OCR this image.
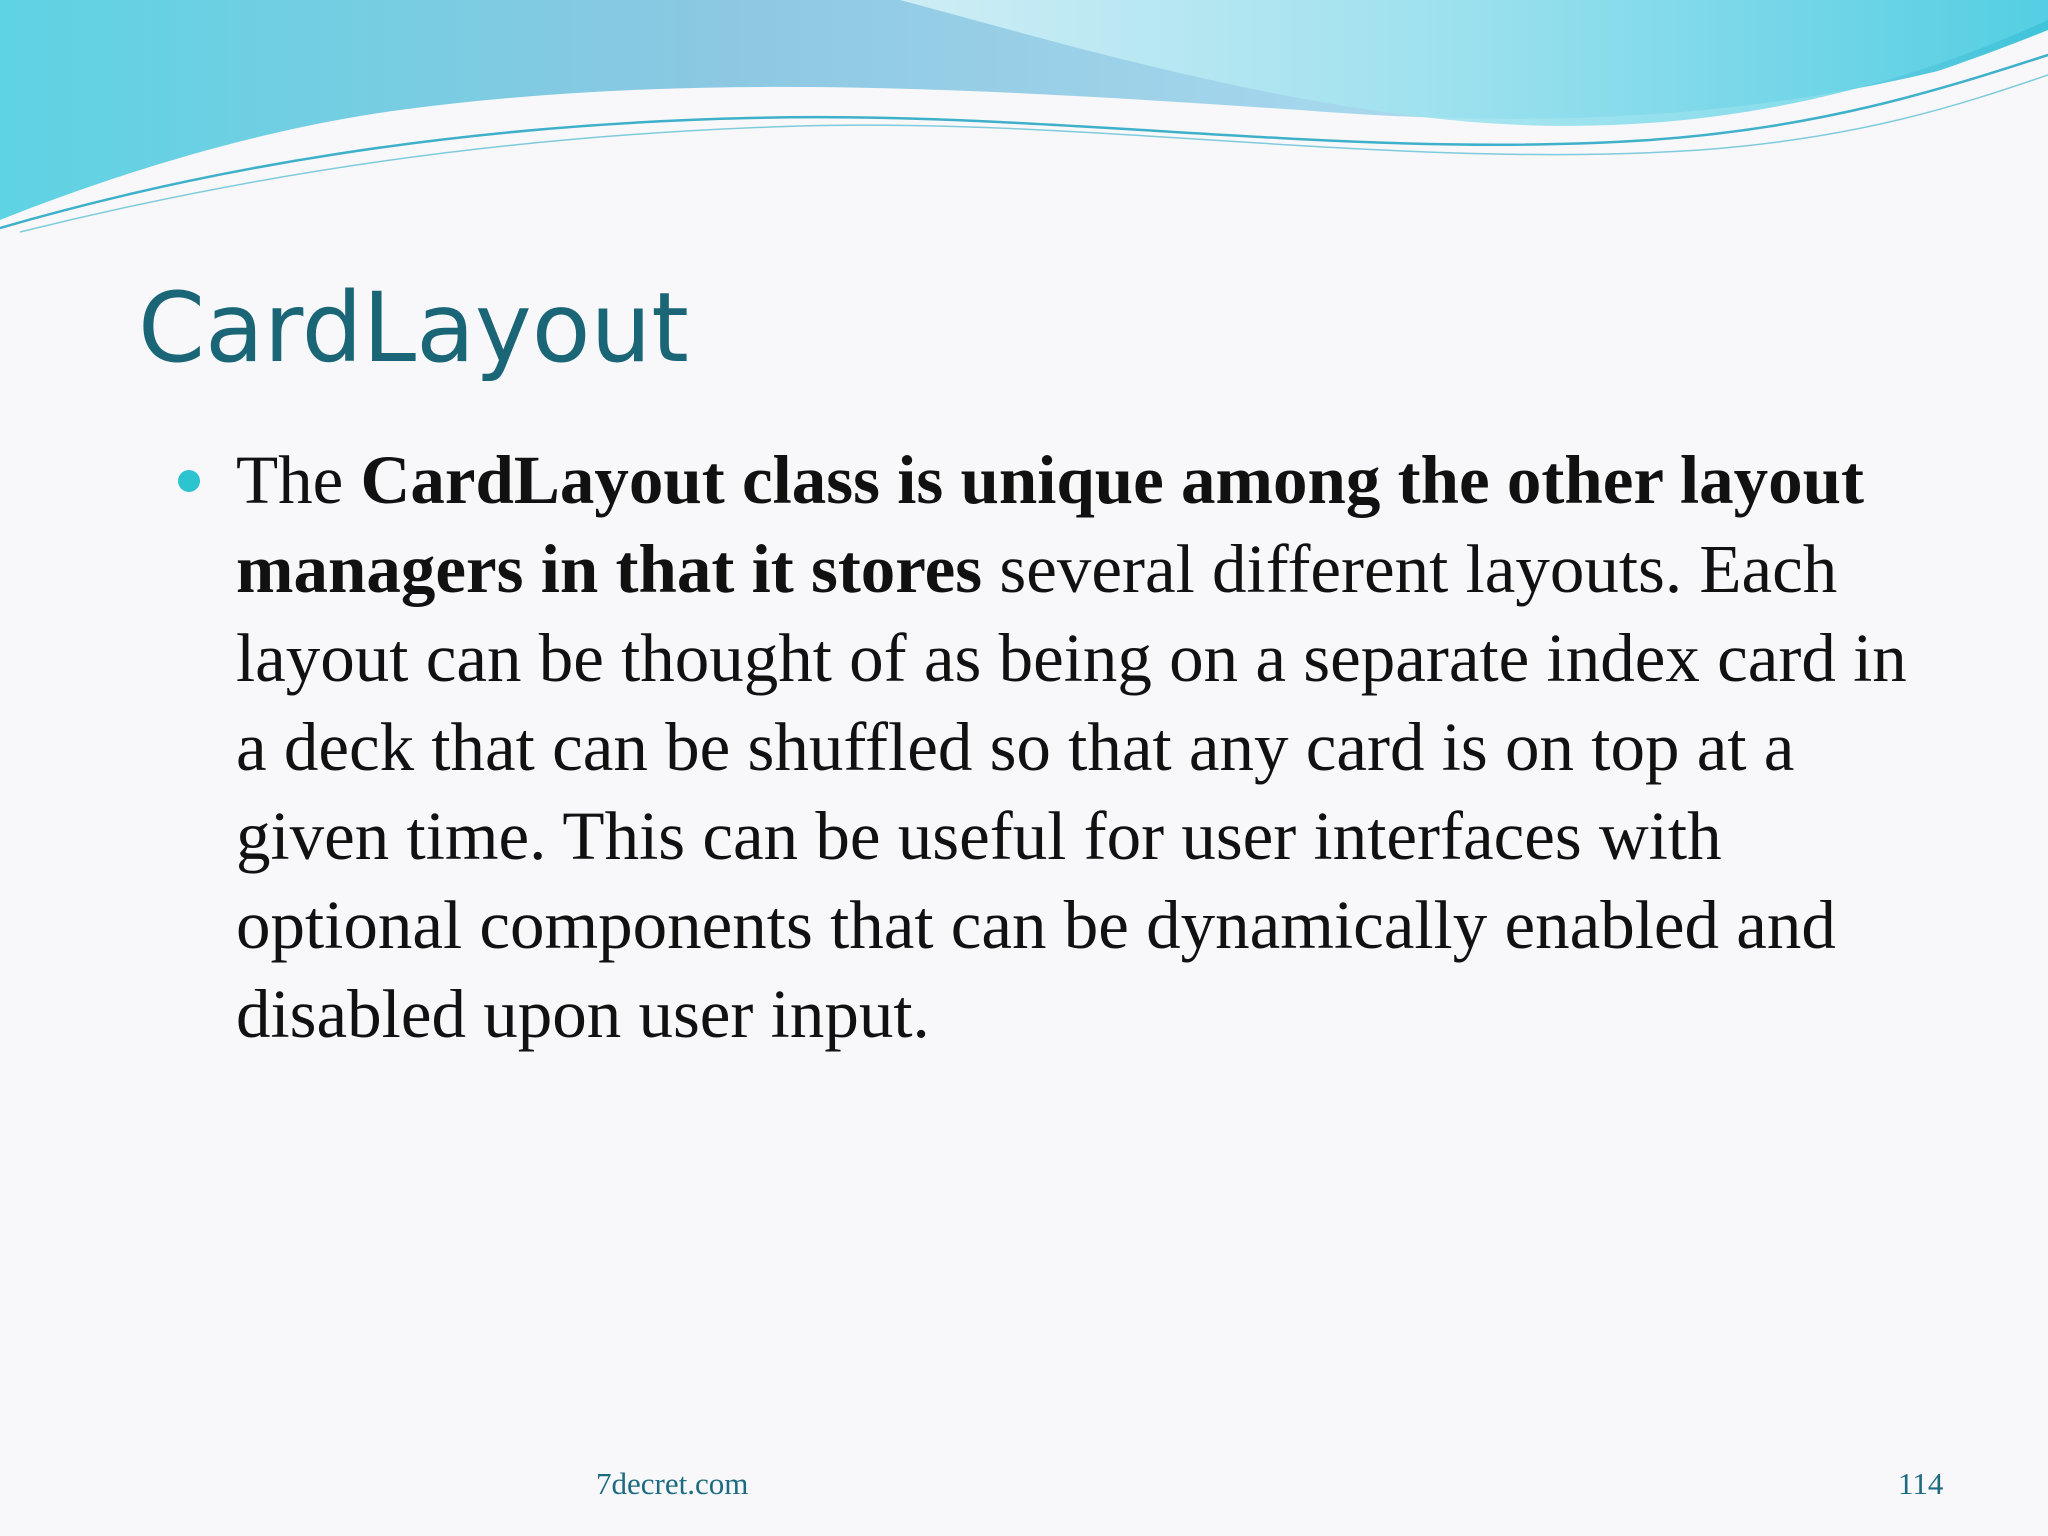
CardLayout
The CardLayout class is unique among the other layout managers in that it stores several different layouts. Each layout can be thought of as being on a separate index card in a deck that can be shuffled so that any card is on top at a given time. This can be useful for user interfaces with optional components that can be dynamically enabled and disabled upon user input.
7decret.com	114
